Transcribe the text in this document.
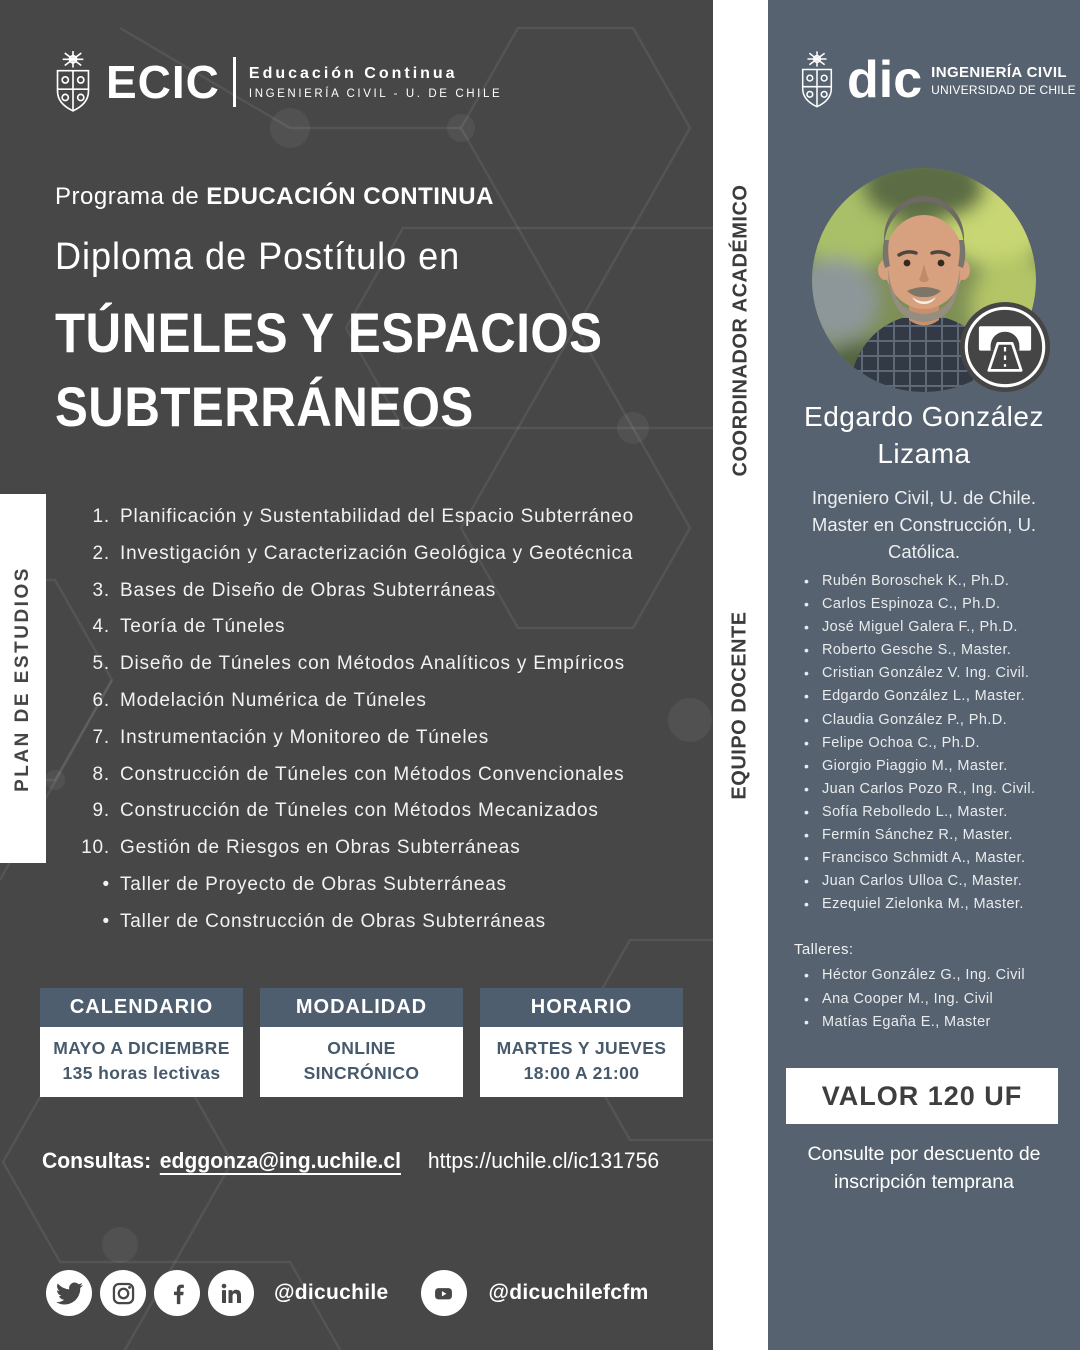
ECIC Educación Continua
INGENIERÍA CIVIL - U. DE CHILE
Programa de EDUCACIÓN CONTINUA
Diploma de Postítulo en
TÚNELES Y ESPACIOS
SUBTERRÁNEOS
PLAN DE ESTUDIOS
1. Planificación y Sustentabilidad del Espacio Subterráneo
2. Investigación y Caracterización Geológica y Geotécnica
3. Bases de Diseño de Obras Subterráneas
4. Teoría de Túneles
5. Diseño de Túneles con Métodos Analíticos y Empíricos
6. Modelación Numérica de Túneles
7. Instrumentación y Monitoreo de Túneles
8. Construcción de Túneles con Métodos Convencionales
9. Construcción de Túneles con Métodos Mecanizados
10. Gestión de Riesgos en Obras Subterráneas
•
Taller de Proyecto de Obras Subterráneas
•
Taller de Construcción de Obras Subterráneas
CALENDARIO
MAYO A DICIEMBRE
135 horas lectivas
MODALIDAD
ONLINE
SINCRÓNICO
HORARIO
MARTES Y JUEVES
18:00 A 21:00
Consultas: edggonza@ing.uchile.cl https://uchile.cl/ic131756
@dicuchile	@dicuchilefcfm
COORDINADOR ACADÉMICO
EQUIPO DOCENTE
dic INGENIERÍA CIVIL
UNIVERSIDAD DE CHILE
Edgardo González Lizama
Ingeniero Civil, U. de Chile. Master en Construcción, U. Católica.
• Rubén Boroschek K., Ph.D.
• Carlos Espinoza C., Ph.D.
• José Miguel Galera F., Ph.D.
• Roberto Gesche S., Master.
• Cristian González V. Ing. Civil.
• Edgardo González L., Master.
• Claudia González P., Ph.D.
• Felipe Ochoa C., Ph.D.
• Giorgio Piaggio M., Master.
• Juan Carlos Pozo R., Ing. Civil.
• Sofía Rebolledo L., Master.
• Fermín Sánchez R., Master.
• Francisco Schmidt A., Master.
• Juan Carlos Ulloa C., Master.
• Ezequiel Zielonka M., Master.
Talleres:
• Héctor González G., Ing. Civil
• Ana Cooper M., Ing. Civil
• Matías Egaña E., Master
VALOR 120 UF
Consulte por descuento de inscripción temprana
